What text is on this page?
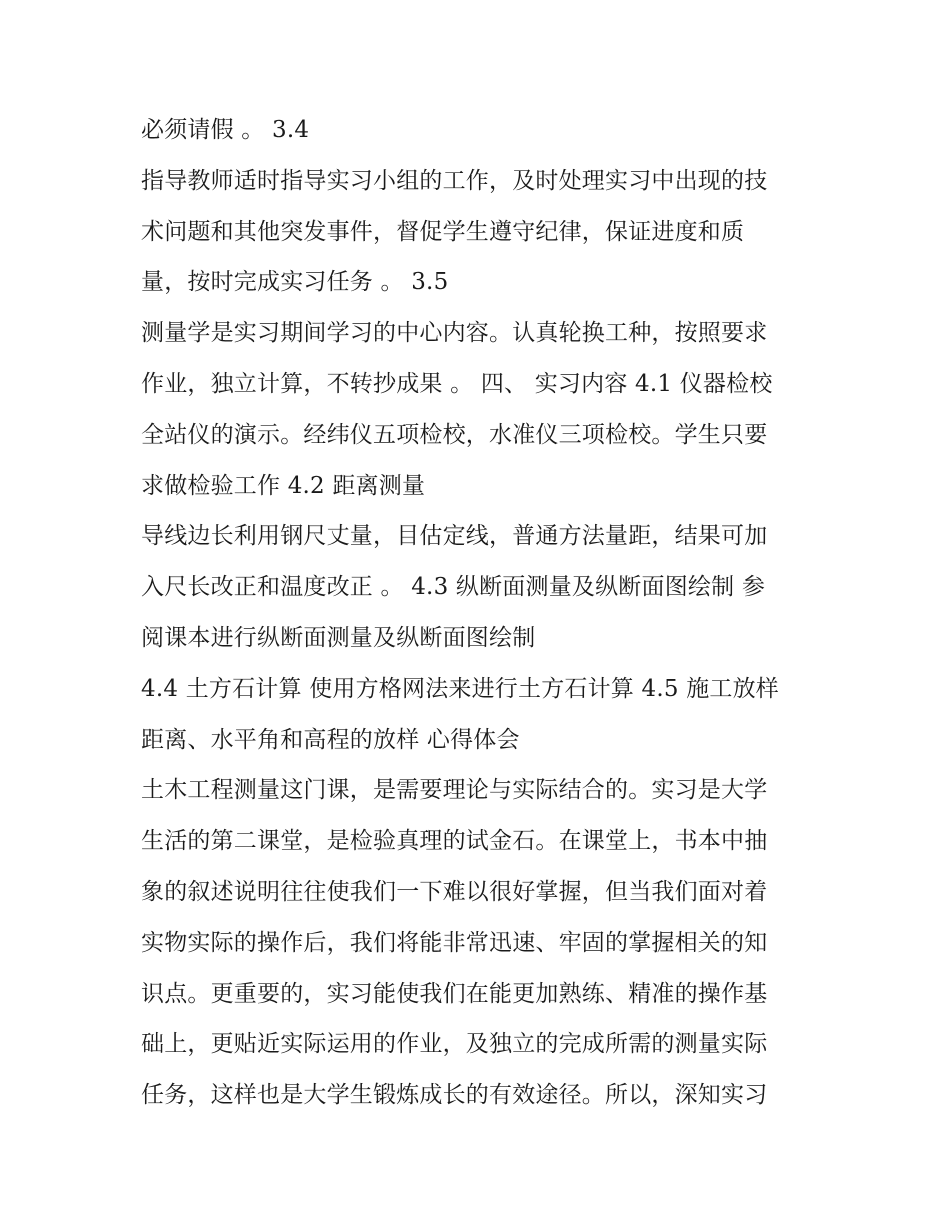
必须请假 。 3.4
指导教师适时指导实习小组的工作，及时处理实习中出现的技
术问题和其他突发事件，督促学生遵守纪律，保证进度和质
量，按时完成实习任务 。 3.5
测量学是实习期间学习的中心内容。认真轮换工种，按照要求
作业，独立计算，不转抄成果 。 四、 实习内容 4.1 仪器检校
全站仪的演示。经纬仪五项检校，水准仪三项检校。学生只要
求做检验工作 4.2 距离测量
导线边长利用钢尺丈量，目估定线，普通方法量距，结果可加
入尺长改正和温度改正 。 4.3 纵断面测量及纵断面图绘制 参
阅课本进行纵断面测量及纵断面图绘制
4.4 土方石计算 使用方格网法来进行土方石计算 4.5 施工放样
距离、水平角和高程的放样 心得体会
土木工程测量这门课，是需要理论与实际结合的。实习是大学
生活的第二课堂，是检验真理的试金石。在课堂上，书本中抽
象的叙述说明往往使我们一下难以很好掌握，但当我们面对着
实物实际的操作后，我们将能非常迅速、牢固的掌握相关的知
识点。更重要的，实习能使我们在能更加熟练、精准的操作基
础上，更贴近实际运用的作业，及独立的完成所需的测量实际
任务，这样也是大学生锻炼成长的有效途径。所以，深知实习
